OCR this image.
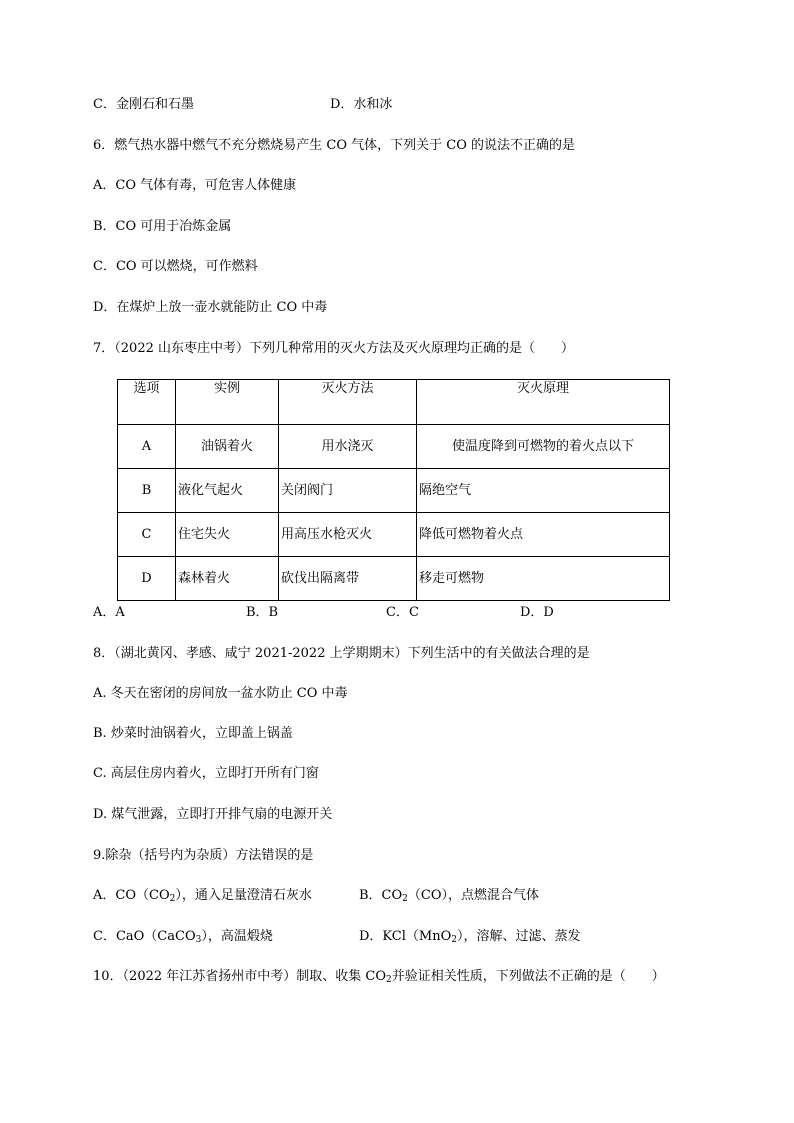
C．金刚石和石墨	D．水和冰
6．燃气热水器中燃气不充分燃烧易产生 CO 气体，下列关于 CO 的说法不正确的是
A．CO 气体有毒，可危害人体健康
B．CO 可用于冶炼金属
C．CO 可以燃烧，可作燃料
D．在煤炉上放一壶水就能防止 CO 中毒
7．（2022 山东枣庄中考）下列几种常用的灭火方法及灭火原理均正确的是（　　）
选项	实例	灭火方法	灭火原理
A	油锅着火	用水浇灭	使温度降到可燃物的着火点以下
B	液化气起火	关闭阀门	隔绝空气
C	住宅失火	用高压水枪灭火	降低可燃物着火点
D	森林着火	砍伐出隔离带	移走可燃物
A．A	B．B	C．C	D．D
8．（湖北黄冈、孝感、咸宁 2021-2022 上学期期末）下列生活中的有关做法合理的是
A. 冬天在密闭的房间放一盆水防止 CO 中毒
B. 炒菜时油锅着火，立即盖上锅盖
C. 高层住房内着火，立即打开所有门窗
D. 煤气泄露，立即打开排气扇的电源开关
9.除杂（括号内为杂质）方法错误的是
A．$CO(CO_2)$，通入足量澄清石灰水	B．$CO_2(CO)$，点燃混合气体
C．CaO（CaCO$_3$），高温煅烧	D．KCl（MnO$_2$），溶解、过滤、蒸发
10．（2022 年江苏省扬州市中考）制取、收集 $CO_2$并验证相关性质，下列做法不正确的是（　　）
